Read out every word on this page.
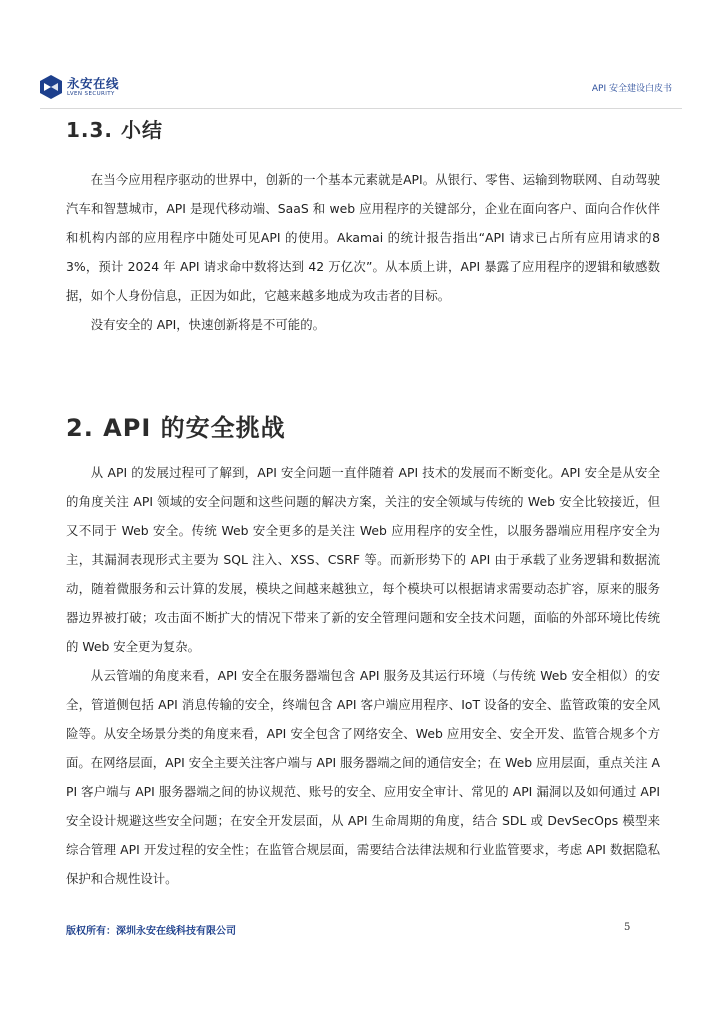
永安在线
LVEN SECURITY	API 安全建设白皮书
1.3. 小结

在当今应用程序驱动的世界中，创新的一个基本元素就是API。从银行、零售、运输到物联网、自动驾驶汽车和智慧城市，API 是现代移动端、SaaS 和 web 应用程序的关键部分，企业在面向客户、面向合作伙伴和机构内部的应用程序中随处可见API 的使用。Akamai 的统计报告指出“API 请求已占所有应用请求的83%，预计 2024 年 API 请求命中数将达到 42 万亿次”。从本质上讲，API 暴露了应用程序的逻辑和敏感数据，如个人身份信息，正因为如此，它越来越多地成为攻击者的目标。

没有安全的 API，快速创新将是不可能的。

2. API 的安全挑战

从 API 的发展过程可了解到，API 安全问题一直伴随着 API 技术的发展而不断变化。API 安全是从安全的角度关注 API 领域的安全问题和这些问题的解决方案，关注的安全领域与传统的 Web 安全比较接近，但又不同于 Web 安全。传统 Web 安全更多的是关注 Web 应用程序的安全性，以服务器端应用程序安全为主，其漏洞表现形式主要为 SQL 注入、XSS、CSRF 等。而新形势下的 API 由于承载了业务逻辑和数据流动，随着微服务和云计算的发展，模块之间越来越独立，每个模块可以根据请求需要动态扩容，原来的服务器边界被打破；攻击面不断扩大的情况下带来了新的安全管理问题和安全技术问题，面临的外部环境比传统的 Web 安全更为复杂。

从云管端的角度来看，API 安全在服务器端包含 API 服务及其运行环境（与传统 Web 安全相似）的安全，管道侧包括 API 消息传输的安全，终端包含 API 客户端应用程序、IoT 设备的安全、监管政策的安全风险等。从安全场景分类的角度来看，API 安全包含了网络安全、Web 应用安全、安全开发、监管合规多个方面。在网络层面，API 安全主要关注客户端与 API 服务器端之间的通信安全；在 Web 应用层面，重点关注 API 客户端与 API 服务器端之间的协议规范、账号的安全、应用安全审计、常见的 API 漏洞以及如何通过 API 安全设计规避这些安全问题；在安全开发层面，从 API 生命周期的角度，结合 SDL 或 DevSecOps 模型来综合管理 API 开发过程的安全性；在监管合规层面，需要结合法律法规和行业监管要求，考虑 API 数据隐私保护和合规性设计。

版权所有：深圳永安在线科技有限公司	5
